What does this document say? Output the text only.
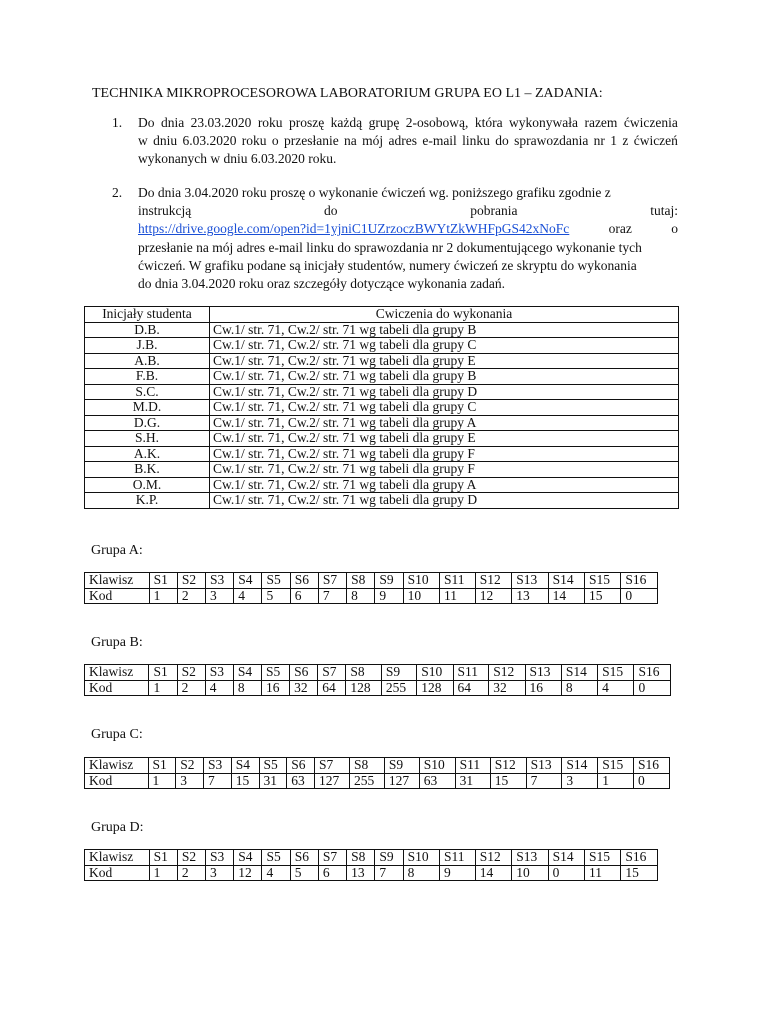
TECHNIKA MIKROPROCESOROWA LABORATORIUM GRUPA EO L1 – ZADANIA:
1. Do dnia 23.03.2020 roku proszę każdą grupę 2-osobową, która wykonywała razem ćwiczenia
w dniu 6.03.2020 roku o przesłanie na mój adres e-mail linku do sprawozdania nr 1 z ćwiczeń
wykonanych w dniu 6.03.2020 roku.
2. Do dnia 3.04.2020 roku proszę o wykonanie ćwiczeń wg. poniższego grafiku zgodnie z
instrukcją	do	pobrania	tutaj:
https://drive.google.com/open?id=1yjniC1UZrzoczBWYtZkWHFpGS42xNoFc	oraz	o
przesłanie na mój adres e-mail linku do sprawozdania nr 2 dokumentującego wykonanie tych
ćwiczeń. W grafiku podane są inicjały studentów, numery ćwiczeń ze skryptu do wykonania
do dnia 3.04.2020 roku oraz szczegóły dotyczące wykonania zadań.
Inicjały studenta	Cwiczenia do wykonania
D.B.	Cw.1/ str. 71, Cw.2/ str. 71 wg tabeli dla grupy B
J.B.	Cw.1/ str. 71, Cw.2/ str. 71 wg tabeli dla grupy C
A.B.	Cw.1/ str. 71, Cw.2/ str. 71 wg tabeli dla grupy E
F.B.	Cw.1/ str. 71, Cw.2/ str. 71 wg tabeli dla grupy B
S.C.	Cw.1/ str. 71, Cw.2/ str. 71 wg tabeli dla grupy D
M.D.	Cw.1/ str. 71, Cw.2/ str. 71 wg tabeli dla grupy C
D.G.	Cw.1/ str. 71, Cw.2/ str. 71 wg tabeli dla grupy A
S.H.	Cw.1/ str. 71, Cw.2/ str. 71 wg tabeli dla grupy E
A.K.	Cw.1/ str. 71, Cw.2/ str. 71 wg tabeli dla grupy F
B.K.	Cw.1/ str. 71, Cw.2/ str. 71 wg tabeli dla grupy F
O.M.	Cw.1/ str. 71, Cw.2/ str. 71 wg tabeli dla grupy A
K.P.	Cw.1/ str. 71, Cw.2/ str. 71 wg tabeli dla grupy D
Grupa A:
Klawisz	S1	S2	S3	S4	S5	S6	S7	S8	S9	S10	S11	S12	S13	S14	S15	S16
Kod	1	2	3	4	5	6	7	8	9	10	11	12	13	14	15	0
Grupa B:
Klawisz	S1	S2	S3	S4	S5	S6	S7	S8	S9	S10	S11	S12	S13	S14	S15	S16
Kod	1	2	4	8	16	32	64	128	255	128	64	32	16	8	4	0
Grupa C:
Klawisz	S1	S2	S3	S4	S5	S6	S7	S8	S9	S10	S11	S12	S13	S14	S15	S16
Kod	1	3	7	15	31	63	127	255	127	63	31	15	7	3	1	0
Grupa D:
Klawisz	S1	S2	S3	S4	S5	S6	S7	S8	S9	S10	S11	S12	S13	S14	S15	S16
Kod	1	2	3	12	4	5	6	13	7	8	9	14	10	0	11	15
